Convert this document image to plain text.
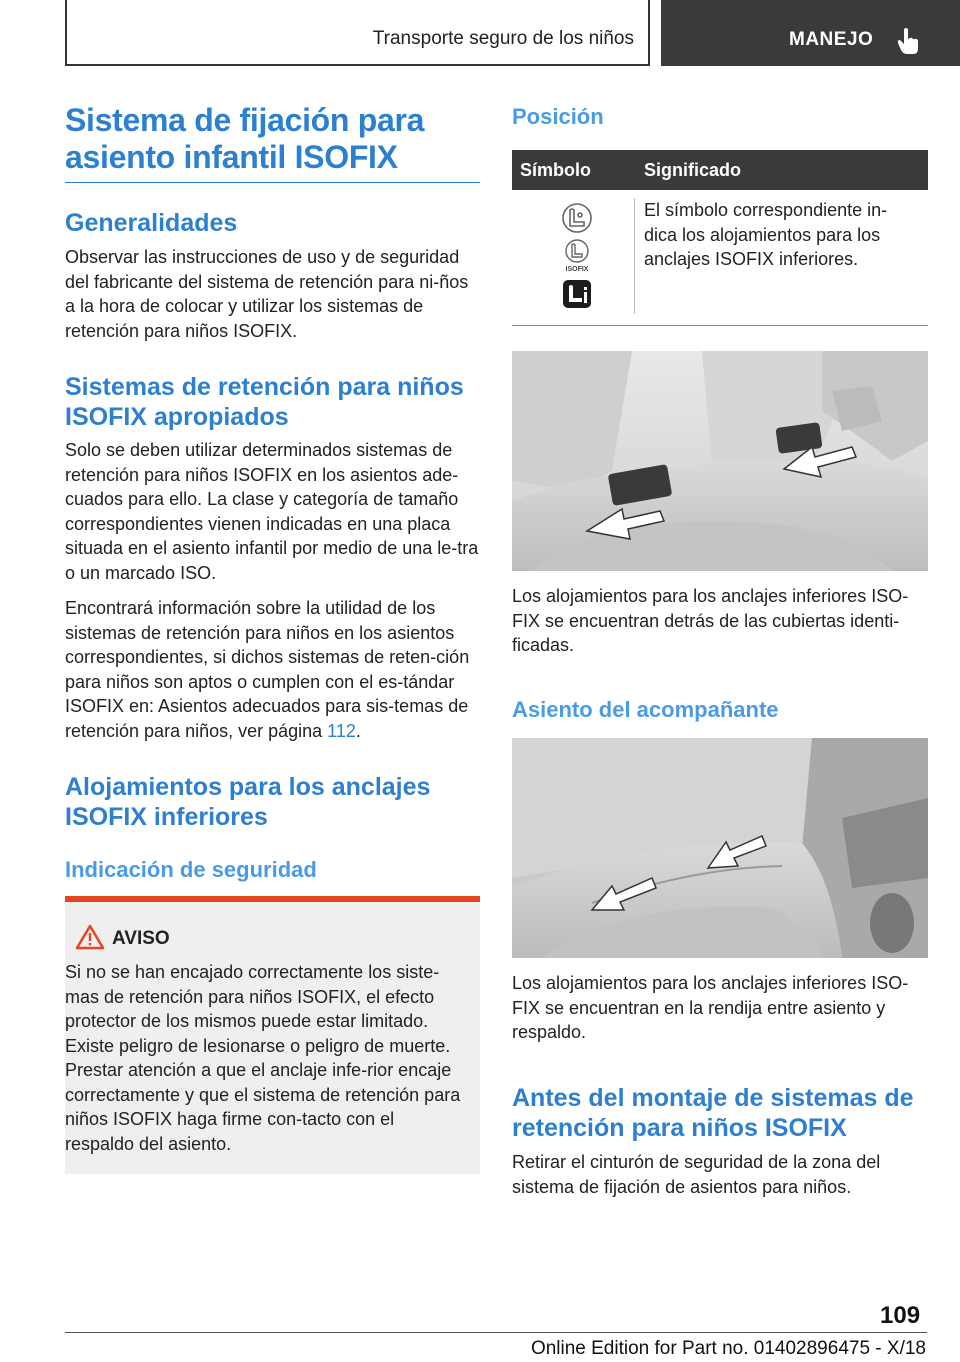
Transporte seguro de los niños	MANEJO
Sistema de fijación para asiento infantil ISOFIX
Generalidades
Observar las instrucciones de uso y de seguridad del fabricante del sistema de retención para ni-ños a la hora de colocar y utilizar los sistemas de retención para niños ISOFIX.
Sistemas de retención para niños ISOFIX apropiados
Solo se deben utilizar determinados sistemas de retención para niños ISOFIX en los asientos ade-cuados para ello. La clase y categoría de tamaño correspondientes vienen indicadas en una placa situada en el asiento infantil por medio de una le-tra o un marcado ISO.
Encontrará información sobre la utilidad de los sistemas de retención para niños en los asientos correspondientes, si dichos sistemas de reten-ción para niños son aptos o cumplen con el es-tándar ISOFIX en: Asientos adecuados para sis-temas de retención para niños, ver página 112.
Alojamientos para los anclajes ISOFIX inferiores
Indicación de seguridad
AVISO
Si no se han encajado correctamente los siste-mas de retención para niños ISOFIX, el efecto protector de los mismos puede estar limitado. Existe peligro de lesionarse o peligro de muerte. Prestar atención a que el anclaje infe-rior encaje correctamente y que el sistema de retención para niños ISOFIX haga firme con-tacto con el respaldo del asiento.
Posición
Símbolo	Significado
ISOFIX
El símbolo correspondiente in-dica los alojamientos para los anclajes ISOFIX inferiores.
Los alojamientos para los anclajes inferiores ISO-FIX se encuentran detrás de las cubiertas identi-ficadas.
Asiento del acompañante
Los alojamientos para los anclajes inferiores ISO-FIX se encuentran en la rendija entre asiento y respaldo.
Antes del montaje de sistemas de retención para niños ISOFIX
Retirar el cinturón de seguridad de la zona del sistema de fijación de asientos para niños.
109
Online Edition for Part no. 01402896475 - X/18
